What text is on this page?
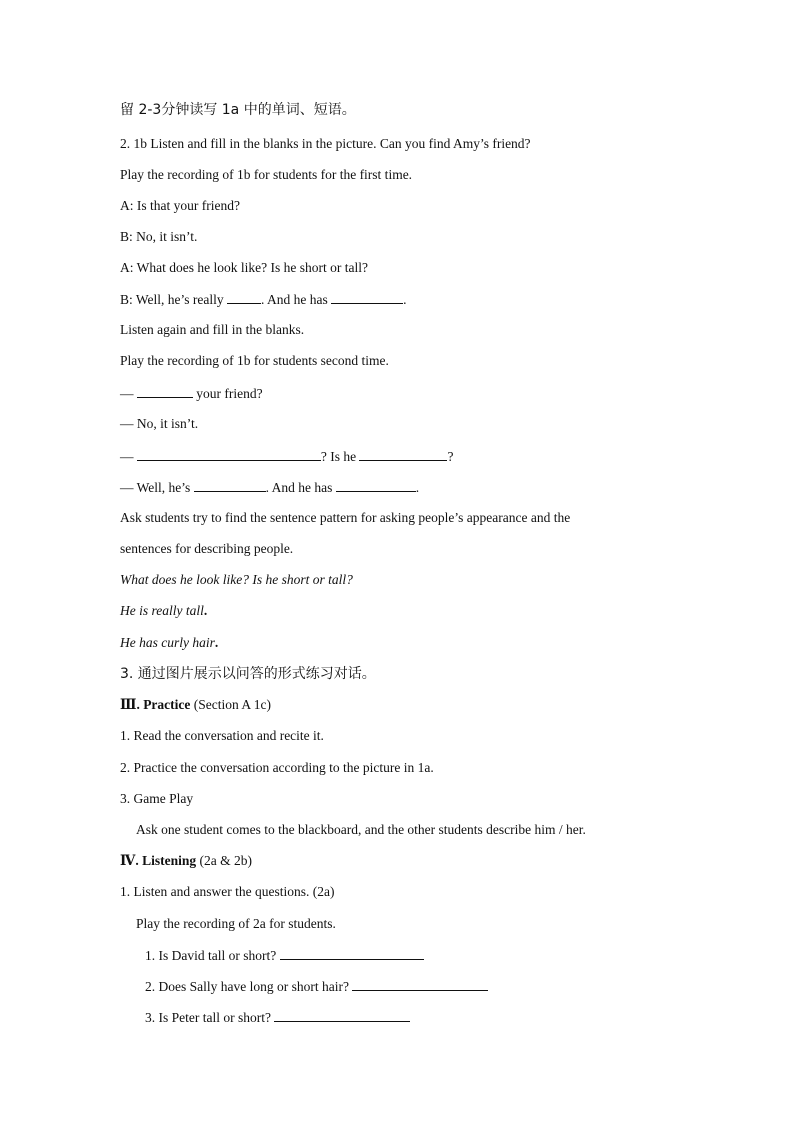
留 2-3分钟读写 1a 中的单词、短语。
2. 1b Listen and fill in the blanks in the picture. Can you find Amy’s friend?
Play the recording of 1b for students for the first time.
A: Is that your friend?
B: No, it isn’t.
A: What does he look like? Is he short or tall?
B: Well, he’s really	. And he has	.
Listen again and fill in the blanks.
Play the recording of 1b for students second time.
—	your friend?
— No, it isn’t.
—	? Is he	?
— Well, he’s	. And he has	.
Ask students try to find the sentence pattern for asking people’s appearance and the
sentences for describing people.
What does he look like? Is he short or tall?
He is really tall.
He has curly hair.
3. 通过图片展示以问答的形式练习对话。
Ⅲ. Practice (Section A 1c)
1. Read the conversation and recite it.
2. Practice the conversation according to the picture in 1a.
3. Game Play
Ask one student comes to the blackboard, and the other students describe him / her.
Ⅳ. Listening (2a & 2b)
1. Listen and answer the questions. (2a)
Play the recording of 2a for students.
1. Is David tall or short?
2. Does Sally have long or short hair?
3. Is Peter tall or short?
